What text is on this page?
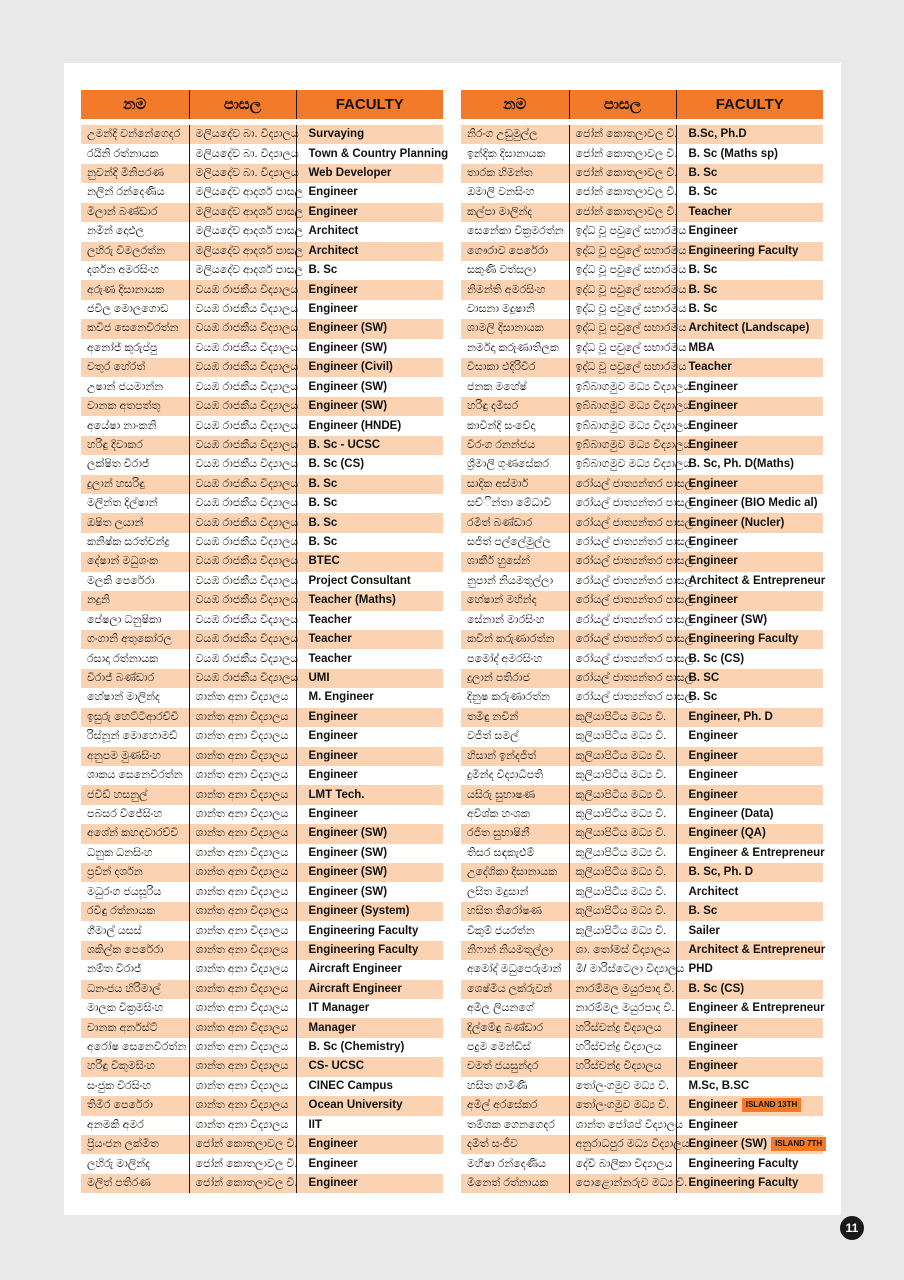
නම	පාසල	FACULTY

උමන්දි වන්නේගෙදර	මලියදේව බා. විද්‍යාලය	Survaying
රයිනි රත්නායක	මලියදේව බා. විද්‍යාලය	Town & Country Planning
නුවන්දි මිනිපරණ	මලියදේව බා. විද්‍යාලය	Web Developer
නලින් රන්දෙණිය	මලියදේව ආදර්ශ පාසල	Engineer
මිලාන් බණ්ඩාර	මලියදේව ආදර්ශ පාසල	Engineer
නමින් දොළුල	මලියදේව ආදර්ශ පාසල	Architect
ලහිරු විමලරත්න	මලියදේව ආදර්ශ පාසල	Architect
දර්ශන අමරසිංහ	මලියදේව ආදර්ශ පාසල	B. Sc
අරුණ දිසානායක	වයඹ රාජකීය විද්‍යාලය	Engineer
ජවිල මොලගොඩ	වයඹ රාජකීය විද්‍යාලය	Engineer
කවිජ සෙනෙවිරත්න	වයඹ රාජකීය විද්‍යාලය	Engineer (SW)
අනෝජ් කුරුප්පු	වයඹ රාජකීය විද්‍යාලය	Engineer (SW)
චතුර හේරත්	වයඹ රාජකීය විද්‍යාලය	Engineer (Civil)
උෂාන් ජයමාන්න	වයඹ රාජකීය විද්‍යාලය	Engineer (SW)
චානක අතපත්තු	වයඹ රාජකීය විද්‍යාලය	Engineer (SW)
අයේෂා නාංකනි	වයඹ රාජකීය විද්‍යාලය	Engineer (HNDE)
හරිඳු දිවාකර	වයඹ රාජකීය විද්‍යාලය	B. Sc - UCSC
ලක්ෂිත විරාජ්	වයඹ රාජකීය විද්‍යාලය	B. Sc (CS)
දුලාන් හසරිඳු	වයඹ රාජකීය විද්‍යාලය	B. Sc
මලින්ත දිල්ෂාන්	වයඹ රාජකීය විද්‍යාලය	B. Sc
ඔෂිත ලයාන්	වයඹ රාජකීය විද්‍යාලය	B. Sc
කනිෂ්ක සරත්චන්ද්‍ර	වයඹ රාජකීය විද්‍යාලය	B. Sc
දේෂාන් මධුශංක	වයඹ රාජකීය විද්‍යාලය	BTEC
මලකි පෙරේරා	වයඹ රාජකීය විද්‍යාලය	Project Consultant
නදුනි	වයඹ රාජකීය විද්‍යාලය	Teacher (Maths)
පේෂලා ධනුෂිකා	වයඹ රාජකීය විද්‍යාලය	Teacher
ගංගානි අතුකෝරල	වයඹ රාජකීය විද්‍යාලය	Teacher
රසාදා රත්නායක	වයඹ රාජකීය විද්‍යාලය	Teacher
විරාජ් බණ්ඩාර	වයඹ රාජකීය විද්‍යාලය	UMI
හේෂාන් මාලින්ද	ශාන්ත අනා විද්‍යාලය	M. Engineer
ඉසුරු හෙට්ටිආරච්චි	ශාන්ත අනා විද්‍යාලය	Engineer
රිස්නූන් මොහොමඩ්	ශාන්ත අනා විද්‍යාලය	Engineer
අනුපම මුණසිංහ	ශාන්ත අනා විද්‍යාලය	Engineer
ශාකය සෙනෙවිරත්න	ශාන්ත අනා විද්‍යාලය	Engineer
ජවිඩ් හසනුල්	ශාන්ත අනා විද්‍යාලය	LMT Tech.
පබසර විජේසිංහ	ශාන්ත අනා විද්‍යාලය	Engineer
අශේන් කහඳවාරච්චි	ශාන්ත අනා විද්‍යාලය	Engineer (SW)
ධනුක ධනසිංහ	ශාන්ත අනා විද්‍යාලය	Engineer (SW)
ප්‍රවීන් දර්ශන	ශාන්ත අනා විද්‍යාලය	Engineer (SW)
මධුරංග ජයසූරිය	ශාන්ත අනා විද්‍යාලය	Engineer (SW)
රවිඳු රත්නායක	ශාන්ත අනා විද්‍යාලය	Engineer (System)
ගීමාල් යසස්	ශාන්ත අනා විද්‍යාලය	Engineering Faculty
ශකිල්ක පෙරේරා	ශාන්ත අනා විද්‍යාලය	Engineering Faculty
නම්ත විරාජ්	ශාන්ත අනා විද්‍යාලය	Aircraft Engineer
ධනංජය හිරිමාල්	ශාන්ත අනා විද්‍යාලය	Aircraft Engineer
මාලක වික්‍රමසිංහ	ශාන්ත අනා විද්‍යාලය	IT Manager
චානක අර්නස්ට්	ශාන්ත අනා විද්‍යාලය	Manager
අරෝෂ සෙනෙවිරත්න	ශාන්ත අනා විද්‍යාලය	B. Sc (Chemistry)
හරිඳු විකුමසිංහ	ශාන්ත අනා විද්‍යාලය	CS- UCSC
සංජුක විරසිංහ	ශාන්ත අනා විද්‍යාලය	CINEC Campus
තිමිර පෙරේරා	ශාන්ත අනා විද්‍යාලය	Ocean University
අනමකි අමර	ශාන්ත අනා විද්‍යාලය	IIT
ප්‍රියංජන ලක්මිත	ජෝන් කොතලාවල වි.	Engineer
ලහිරු මාලින්ද	ජෝන් කොතලාවල වි.	Engineer
මලිත් පතිරණ	ජෝන් කොතලාවල වි.	Engineer
නම	පාසල	FACULTY

නිරංග උඩුමුල්ල	ජෝන් කොතලාවල වි.	B.Sc, Ph.D
ඉන්දික දිසානායක	ජෝන් කොතලාවල වි.	B. Sc (Maths sp)
තාරක හිමන්ත	ජෝන් කොතලාවල වි.	B. Sc
ඔමාලි වනසිංහ	ජෝන් කොතලාවල වි.	B. Sc
කල්පා මාලින්ද	ජෝන් කොතලාවල වි.	Teacher
සෙනේකා වික්‍රමරත්න	ඉද්ධ වූ පවුලේ සභාරමය	Engineer
ගෞරාව පෙරේරා	ඉද්ධ වූ පවුලේ සභාරමය	Engineering Faculty
සකුණි වත්සලා	ඉද්ධ වූ පවුලේ සභාරමය	B. Sc
නිමන්ති අමරසිංහ	ඉද්ධ වූ පවුලේ සභාරමය	B. Sc
වාසනා මදුෂානි	ඉද්ධ වූ පවුලේ සභාරමය	B. Sc
ශාමලි දිසානායක	ඉද්ධ වූ පවුලේ සභාරමය	Architect (Landscape)
නර්මදා කරුණාතිලක	ඉද්ධ වූ පවුලේ සභාරමය	MBA
විසාකා එදිරිවීර	ඉද්ධ වූ පවුලේ සභාරමය	Teacher
ජනක මහේෂ්	ඉබ්බාගමුව මධ්‍ය විද්‍යාලය	Engineer
හරිඳු දමිසර	ඉබ්බාගමුව මධ්‍ය විද්‍යාලය	Engineer
කාවින්දි සංවේදා	ඉබ්බාගමුව මධ්‍ය විද්‍යාලය	Engineer
වීරංග රනන්ජය	ඉබ්බාගමුව මධ්‍ය විද්‍යාලය	Engineer
ශ්‍රීමාලි ගුණසේකර	ඉබ්බාගමුව මධ්‍ය විද්‍යාලය	B. Sc, Ph. D(Maths)
සාදික අස්මාර්	රෝයල් ජාත්‍යන්තර පාසල	Engineer
සච්ින්තා මේධාවි	රෝයල් ජාත්‍යන්තර පාසල	Engineer (BIO Medic al)
රමිත් බණ්ඩාර	රෝයල් ජාත්‍යන්තර පාසල	Engineer (Nucler)
සජිත් පල්ලේමුල්ල	රෝයල් ජාත්‍යන්තර පාසල	Engineer
ශාකීර් හුසේන්	රෝයල් ජාත්‍යන්තර පාසල	Engineer
නුපාන් නියමතුල්ලා	රෝයල් ජාත්‍යන්තර පාසල	Architect & Entrepreneur
හේෂාන් මහින්ද	රෝයල් ජාත්‍යන්තර පාසල	Engineer
සේනාන් මාරසිංහ	රෝයල් ජාත්‍යන්තර පාසල	Engineer (SW)
කවින් කරුණාරත්න	රෝයල් ජාත්‍යන්තර පාසල	Engineering Faculty
පමෝද් අමරසිංහ	රෝයල් ජාත්‍යන්තර පාසල	B. Sc (CS)
දුලාන් පතිරාජ	රෝයල් ජාත්‍යන්තර පාසල	B. SC
දිනුෂ කරුණාරත්න	රෝයල් ජාත්‍යන්තර පාසල	B. Sc
තමිඳු නවීන්	කුලියාපිටිය මධ්‍ය වි.	Engineer, Ph. D
වජිත් සමල්	කුලියාපිටිය මධ්‍ය වි.	Engineer
හිසාන් ඉන්දජිත්	කුලියාපිටිය මධ්‍ය වි.	Engineer
දුමින්ද විද්‍යාධිපති	කුලියාපිටිය මධ්‍ය වි.	Engineer
යසිරු සුභාෂණ	කුලියාපිටිය මධ්‍ය වි.	Engineer
අවිශ්ක හංශක	කුලියාපිටිය මධ්‍ය වි.	Engineer (Data)
රජිත සුභාෂිනී	කුලියාපිටිය මධ්‍ය වි.	Engineer (QA)
තිසර සඳකැළුම්	කුලියාපිටිය මධ්‍ය වි.	Engineer & Entrepreneur
උදේශිකා දිසානායක	කුලියාපිටිය මධ්‍ය වි.	B. Sc, Ph. D
ලසිත මදුසාන්	කුලියාපිටිය මධ්‍ය වි.	Architect
හසිත තිරෝෂණ	කුලියාපිටිය මධ්‍ය වි.	B. Sc
විකුම් ජයරත්න	කුලියාපිටිය මධ්‍ය වි.	Sailer
නිෆාන් නියමතුල්ලා	ශා. තෝමස් විද්‍යාලය	Architect & Entrepreneur
අමෝද් මධුපෙරුමාන්	මී/ මාරිස්ටෙලා විද්‍යාලය	PHD
ශෙෂ්මිය ලක්රුවන්	නාරම්මල මයුරපාද වි.	B. Sc (CS)
අමිල ලියනගේ	නාරම්මල මයුරපාද වි.	Engineer & Entrepreneur
දිල්මේඳු බණ්ඩාර	හරිස්චන්ද්‍ර විද්‍යාලය	Engineer
පදුම මෙන්ඩිස්	හරිස්චන්ද්‍ර විද්‍යාලය	Engineer
චමත් ජයසුන්දර	හරිස්චන්ද්‍ර විද්‍යාලය	Engineer
හසිත ගාමිණි	තෝලංගමුව මධ්‍ය වි.	M.Sc, B.SC
අමිල් අරසේකර	තෝලංගමුව මධ්‍ය වි.	Engineer ISLAND 13TH
තම්ශක ගෙනගෙදර	ශාන්ත ජෝශප් විද්‍යාලය	Engineer
දමිත් සංජීව	අනුරාධපුර මධ්‍ය විද්‍යාලය	Engineer (SW) ISLAND 7TH
මහීෂා රන්දෙණිය	දේවි බාලිකා විද්‍යාලය	Engineering Faculty
මිනෙත් රත්නායක	පොළොන්නරුව මධ්‍ය වි.	Engineering Faculty
11
